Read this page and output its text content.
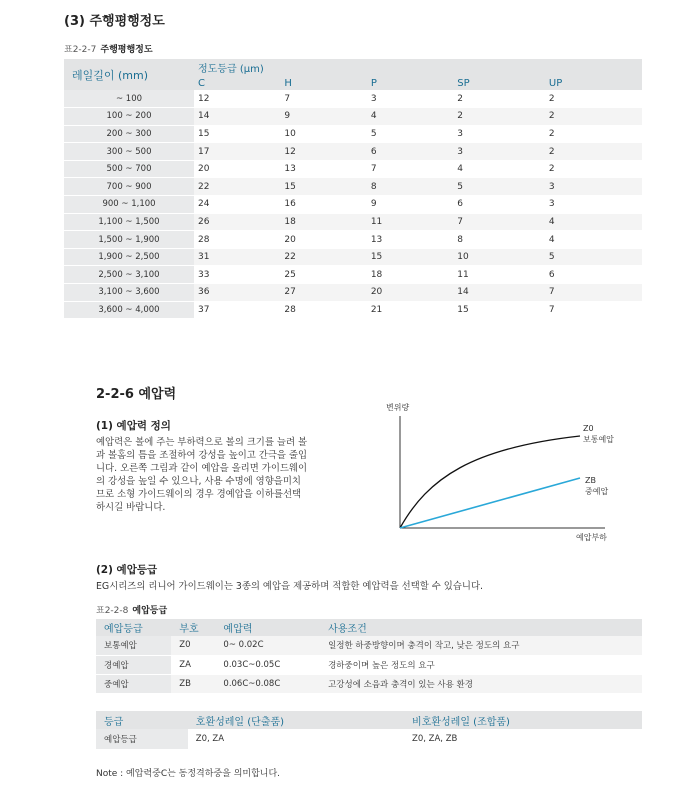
(3) 주행평행정도
표2-2-7 주행평행정도
레일길이 (mm)	정도등급 (μm)				
	C	H	P	SP	UP
~ 100	12	7	3	2	2
100 ~ 200	14	9	4	2	2
200 ~ 300	15	10	5	3	2
300 ~ 500	17	12	6	3	2
500 ~ 700	20	13	7	4	2
700 ~ 900	22	15	8	5	3
900 ~ 1,100	24	16	9	6	3
1,100 ~ 1,500	26	18	11	7	4
1,500 ~ 1,900	28	20	13	8	4
1,900 ~ 2,500	31	22	15	10	5
2,500 ~ 3,100	33	25	18	11	6
3,100 ~ 3,600	36	27	20	14	7
3,600 ~ 4,000	37	28	21	15	7
2-2-6 예압력
(1) 예압력 정의
예압력은 볼에 주는 부하력으로 볼의 크기를 늘려 볼
과 볼홈의 틈을 조절하여 강성을 높이고 간극을 줄입
니다. 오른쪽 그림과 같이 예압을 올리면 가이드웨이
의 강성을 높일 수 있으나, 사용 수명에 영향을미치
므로 소형 가이드웨이의 경우 경예압을 이하를선택
하시길 바랍니다.
변위량
예압부하
Z0
보통예압
ZB
중예압
(2) 예압등급
EG시리즈의 리니어 가이드웨이는 3종의 예압을 제공하며 적합한 예압력을 선택할 수 있습니다.
표2-2-8 예압등급
예압등급	부호	예압력	사용조건
보통예압	Z0	0~ 0.02C	일정한 하중방향이며 충격이 작고, 낮은 정도의 요구
경예압	ZA	0.03C~0.05C	경하중이며 높은 정도의 요구
중예압	ZB	0.06C~0.08C	고강성에 소음과 충격이 있는 사용 환경
등급	호환성레일 (단출품)	비호환성레일 (조합품)
예압등급	Z0, ZA	Z0, ZA, ZB
Note : 예압력중C는 동정격하중을 의미합니다.
